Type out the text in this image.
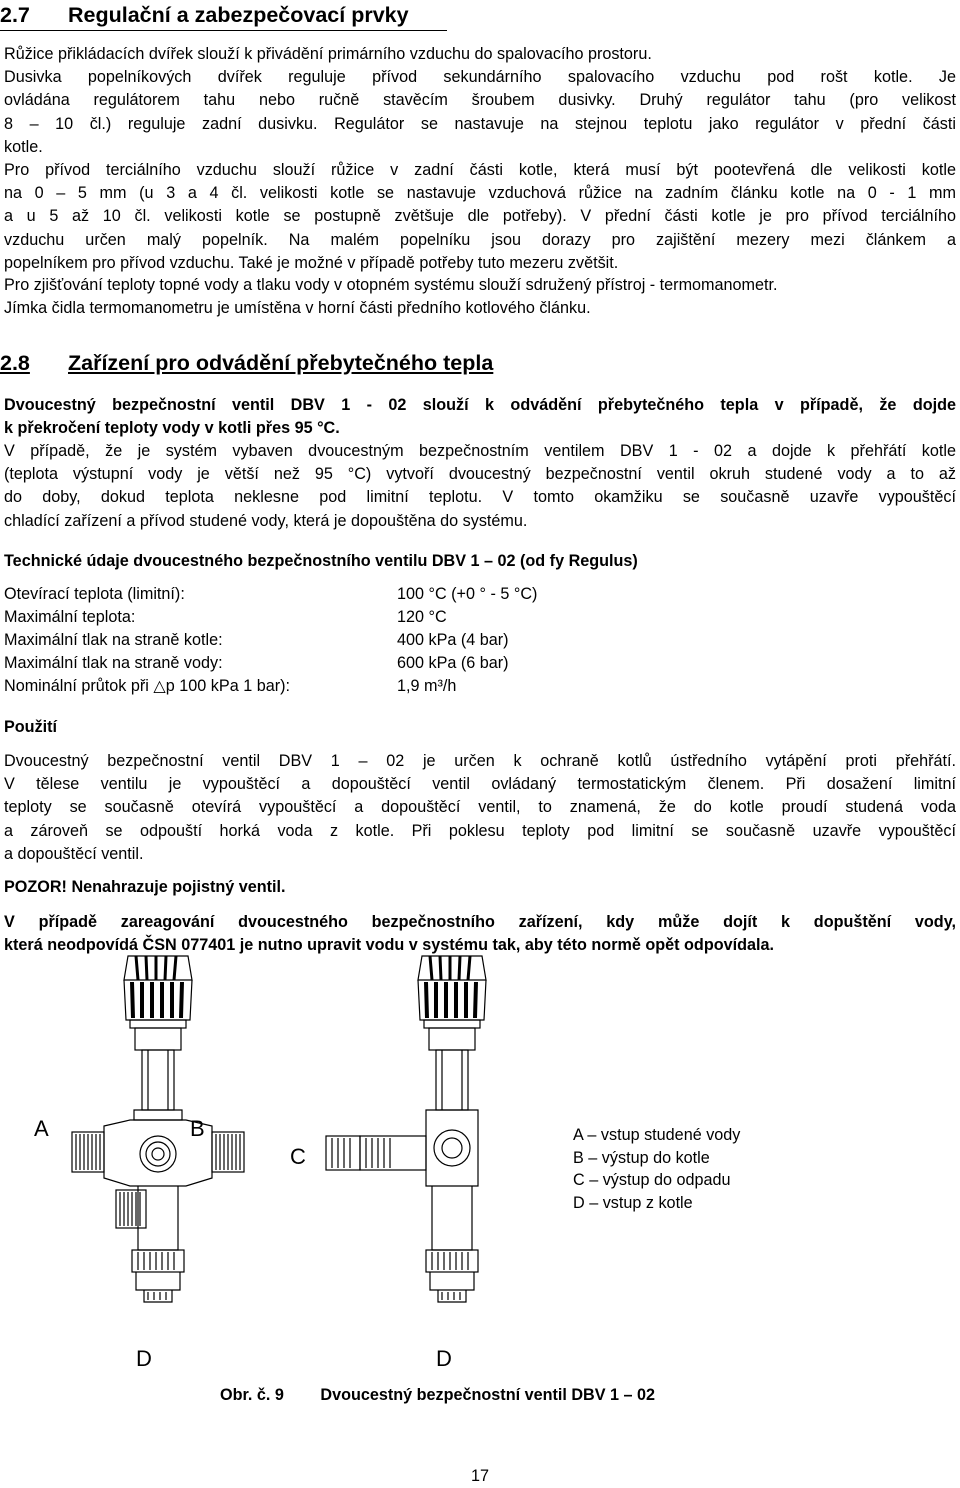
2.7 Regulační a zabezpečovací prvky
Růžice přikládacích dvířek slouží k přivádění primárního vzduchu do spalovacího prostoru.
Dusivka popelníkových dvířek reguluje přívod sekundárního spalovacího vzduchu pod rošt kotle. Je
ovládána regulátorem tahu nebo ručně stavěcím šroubem dusivky. Druhý regulátor tahu (pro velikost
8 – 10 čl.) reguluje zadní dusivku. Regulátor se nastavuje na stejnou teplotu jako regulátor v přední části
kotle.
Pro přívod terciálního vzduchu slouží růžice v zadní části kotle, která musí být pootevřená dle velikosti kotle
na 0 – 5 mm (u 3 a 4 čl. velikosti kotle se nastavuje vzduchová růžice na zadním článku kotle na 0 - 1 mm
a u 5 až 10 čl. velikosti kotle se postupně zvětšuje dle potřeby). V přední části kotle je pro přívod terciálního
vzduchu určen malý popelník. Na malém popelníku jsou dorazy pro zajištění mezery mezi článkem a
popelníkem pro přívod vzduchu. Také je možné v případě potřeby tuto mezeru zvětšit.
Pro zjišťování teploty topné vody a tlaku vody v otopném systému slouží sdružený přístroj - termomanometr.
Jímka čidla termomanometru je umístěna v horní části předního kotlového článku.
2.8 Zařízení pro odvádění přebytečného tepla
Dvoucestný bezpečnostní ventil DBV 1 - 02 slouží k odvádění přebytečného tepla v případě, že dojde
k překročení teploty vody v kotli přes 95 °C.
V případě, že je systém vybaven dvoucestným bezpečnostním ventilem DBV 1 - 02 a dojde k přehřátí kotle
(teplota výstupní vody je větší než 95 °C) vytvoří dvoucestný bezpečnostní ventil okruh studené vody a to až
do doby, dokud teplota neklesne pod limitní teplotu. V tomto okamžiku se současně uzavře vypouštěcí
chladící zařízení a přívod studené vody, která je dopouštěna do systému.
Technické údaje dvoucestného bezpečnostního ventilu DBV 1 – 02 (od fy Regulus)
Otevírací teplota (limitní):	100 °C (+0 ° - 5 °C)
Maximální teplota:	120 °C
Maximální tlak na straně kotle:	400 kPa (4 bar)
Maximální tlak na straně vody:	600 kPa (6 bar)
Nominální průtok při △p 100 kPa 1 bar):	1,9 m³/h
Použití
Dvoucestný bezpečnostní ventil DBV 1 – 02 je určen k ochraně kotlů ústředního vytápění proti přehřátí.
V tělese ventilu je vypouštěcí a dopouštěcí ventil ovládaný termostatickým členem. Při dosažení limitní
teploty se současně otevírá vypouštěcí a dopouštěcí ventil, to znamená, že do kotle proudí studená voda
a zároveň se odpouští horká voda z kotle. Při poklesu teploty pod limitní se současně uzavře vypouštěcí
a dopouštěcí ventil.
POZOR! Nenahrazuje pojistný ventil.
V případě zareagování dvoucestného bezpečnostního zařízení, kdy může dojít k dopuštění vody,
která neodpovídá ČSN 077401 je nutno upravit vodu v systému tak, aby této normě opět odpovídala.
A	B
C
D	D
A – vstup studené vody
B – výstup do kotle
C – výstup do odpadu
D – vstup z kotle
Obr. č. 9 Dvoucestný bezpečnostní ventil DBV 1 – 02
17
